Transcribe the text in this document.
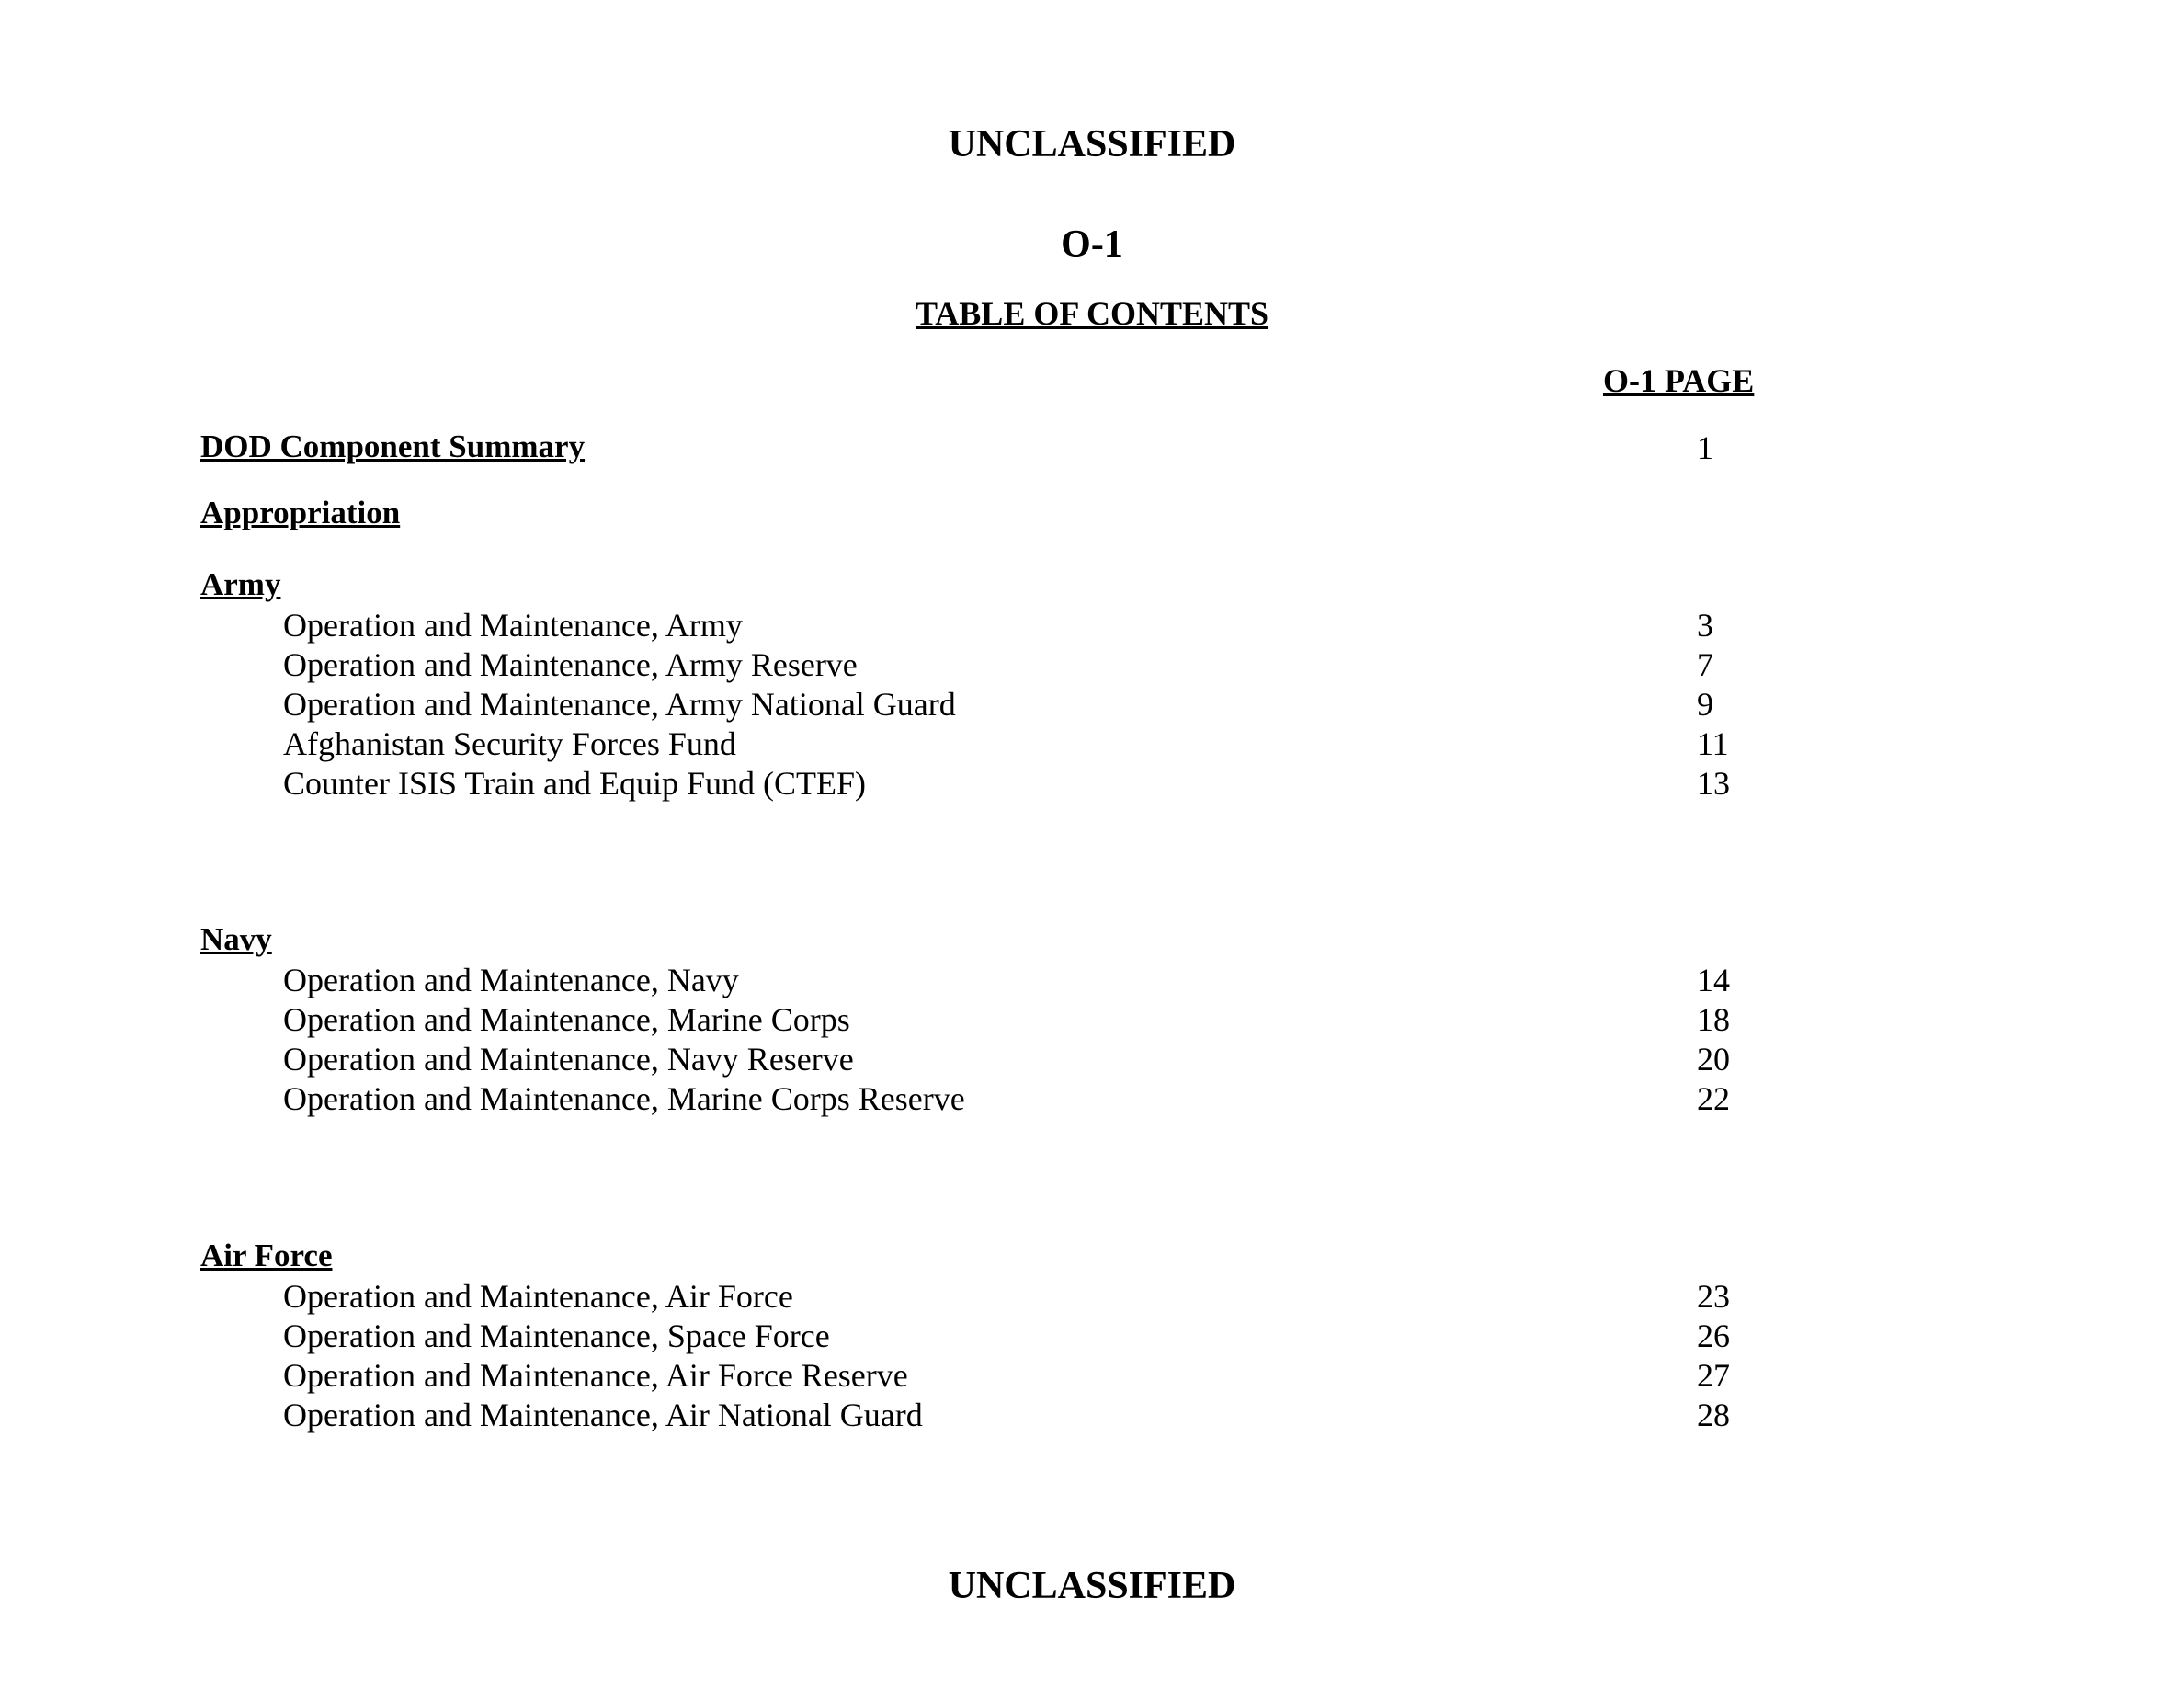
UNCLASSIFIED
O-1
TABLE OF CONTENTS
O-1 PAGE
DOD Component Summary	1
Appropriation
Army
Operation and Maintenance, Army	3
Operation and Maintenance, Army Reserve	7
Operation and Maintenance, Army National Guard	9
Afghanistan Security Forces Fund	11
Counter ISIS Train and Equip Fund (CTEF)	13
Navy
Operation and Maintenance, Navy	14
Operation and Maintenance, Marine Corps	18
Operation and Maintenance, Navy Reserve	20
Operation and Maintenance, Marine Corps Reserve	22
Air Force
Operation and Maintenance, Air Force	23
Operation and Maintenance, Space Force	26
Operation and Maintenance, Air Force Reserve	27
Operation and Maintenance, Air National Guard	28
UNCLASSIFIED
